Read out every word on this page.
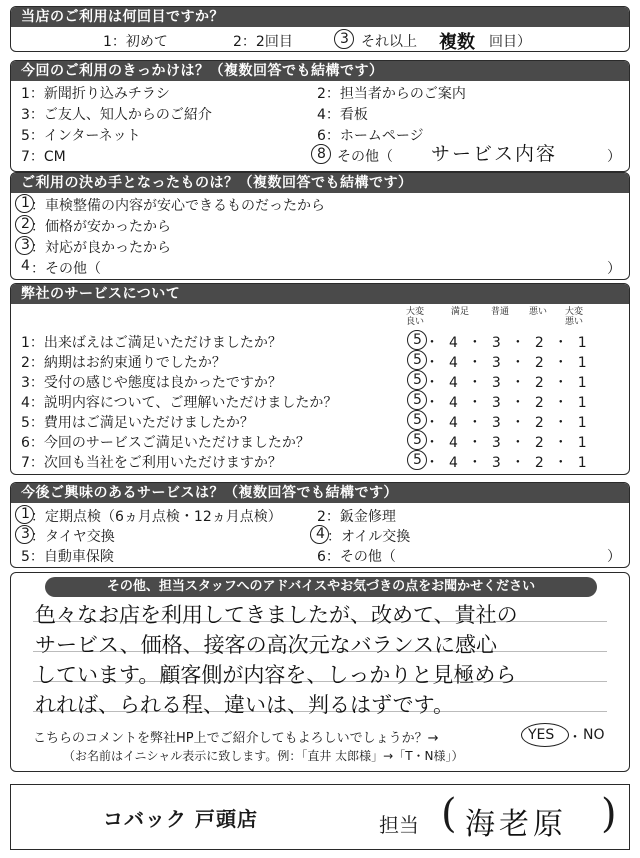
当店のご利用は何回目ですか？
1：初めて	2：2回目	3 それ以上 複数 回目）
今回のご利用のきっかけは？（複数回答でも結構です）
1：新聞折り込みチラシ	2：担当者からのご案内
3：ご友人、知人からのご紹介	4：看板
5：インターネット	6：ホームページ
7：CM	8 その他（ サービス内容	）
ご利用の決め手となったものは？（複数回答でも結構です）
1 ：車検整備の内容が安心できるものだったから
2 ：価格が安かったから
3 ：対応が良かったから
4 ：その他（	）
弊社のサービスについて
大変良い
満足	普通	悪い	大変悪い
1：出来ばえはご満足いただけましたか？	5 ・4・3・2・1
2：納期はお約束通りでしたか？	5 ・4・3・2・1
3：受付の感じや態度は良かったですか？	5 ・4・3・2・1
4：説明内容について、ご理解いただけましたか？	5 ・4・3・2・1
5：費用はご満足いただけましたか？	5 ・4・3・2・1
6：今回のサービスご満足いただけましたか？	5 ・4・3・2・1
7：次回も当社をご利用いただけますか？	5 ・4・3・2・1
今後ご興味のあるサービスは？（複数回答でも結構です）
1 ：定期点検（6ヵ月点検・12ヵ月点検）	2：鈑金修理
3 ：タイヤ交換	4 ：オイル交換
5：自動車保険	6：その他（	）
その他、担当スタッフへのアドバイスやお気づきの点をお聞かせください
色々なお店を利用してきましたが、改めて、貴社の
サービス、価格、接客の高次元なバランスに感心
しています。顧客側が内容を、しっかりと見極めら
れれば、られる程、違いは、判るはずです。
こちらのコメントを弊社HP上でご紹介してもよろしいでしょうか？→	YES ・ NO
（お名前はイニシャル表示に致します。例：「直井 太郎様」→「T・N様」）
コバック 戸頭店	担当 ( 海老原 )
